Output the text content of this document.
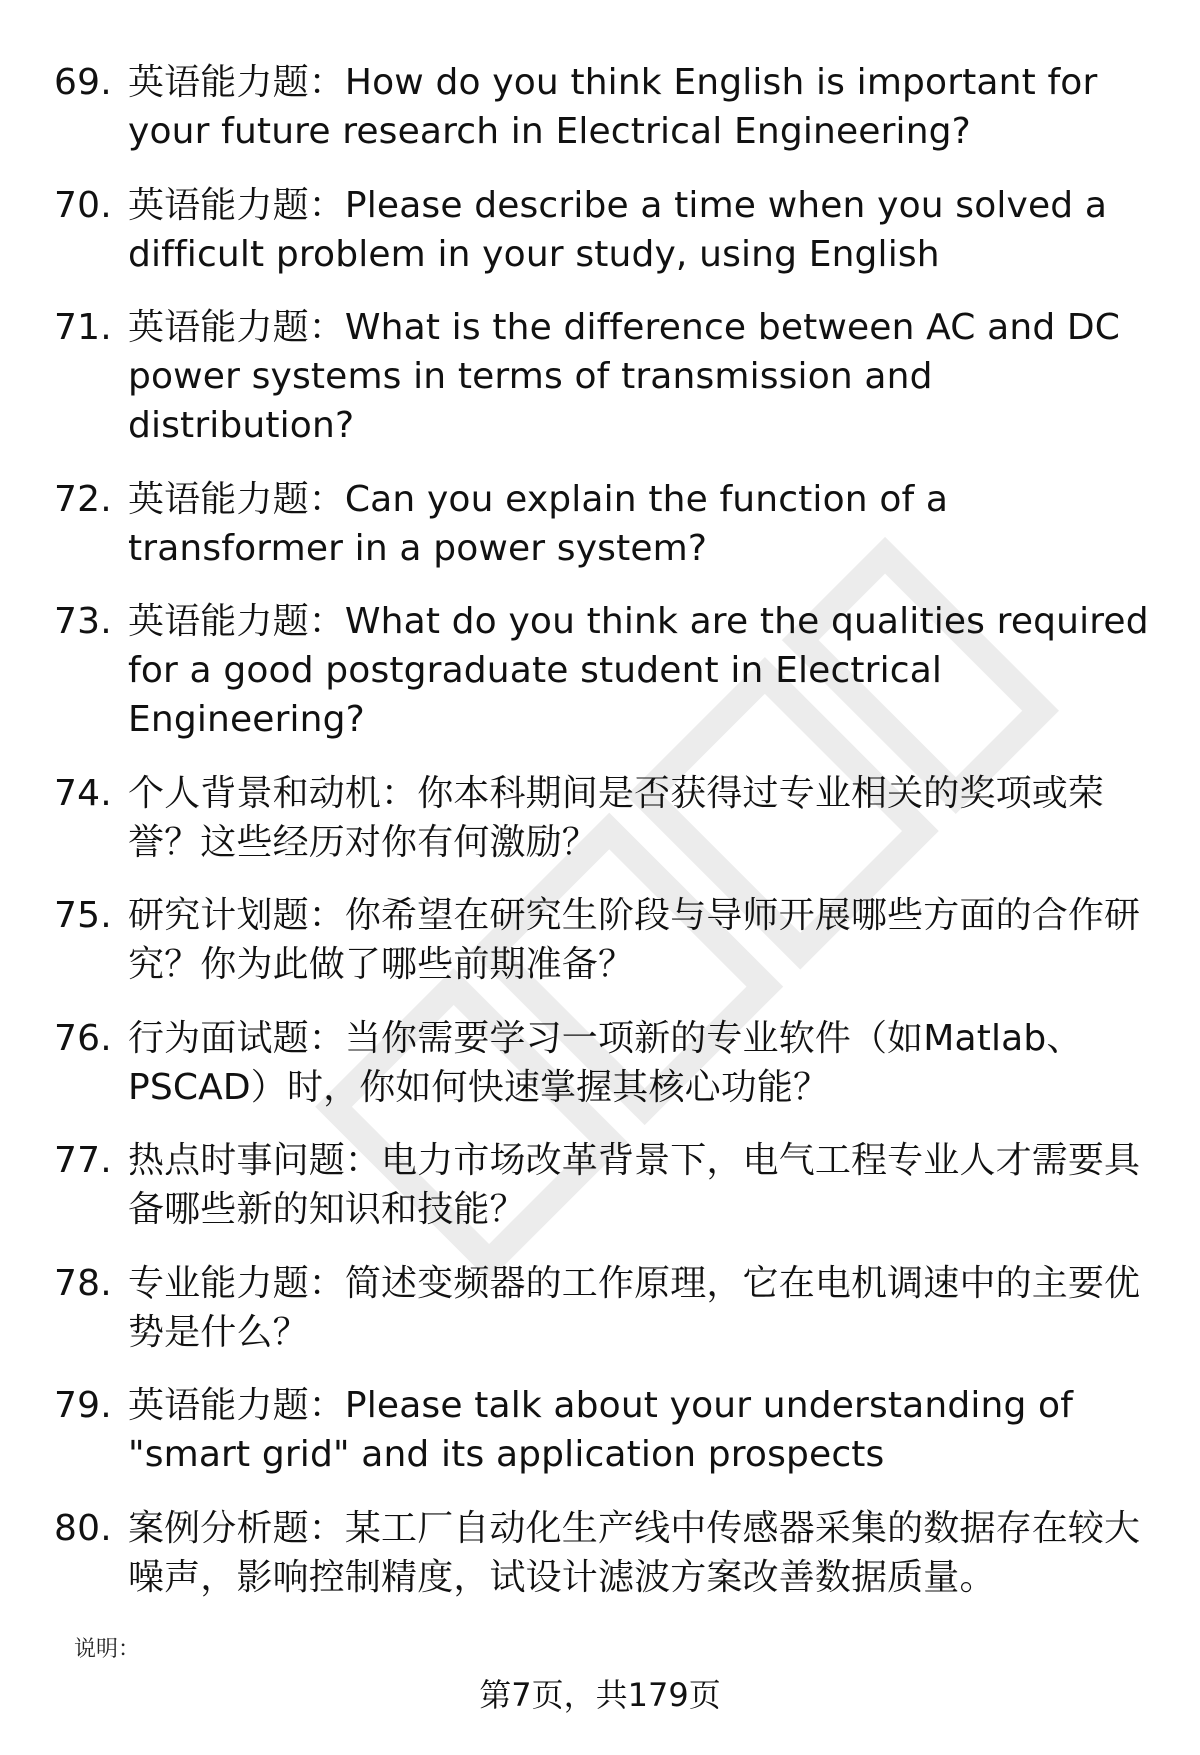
69. 英语能力题：How do you think English is important for your future research in Electrical Engineering?
70. 英语能力题：Please describe a time when you solved a difficult problem in your study, using English
71. 英语能力题：What is the difference between AC and DC power systems in terms of transmission and distribution?
72. 英语能力题：Can you explain the function of a transformer in a power system?
73. 英语能力题：What do you think are the qualities required for a good postgraduate student in Electrical Engineering?
74. 个人背景和动机：你本科期间是否获得过专业相关的奖项或荣誉？这些经历对你有何激励？
75. 研究计划题：你希望在研究生阶段与导师开展哪些方面的合作研究？你为此做了哪些前期准备？
76. 行为面试题：当你需要学习一项新的专业软件（如Matlab、PSCAD）时，你如何快速掌握其核心功能？
77. 热点时事问题：电力市场改革背景下，电气工程专业人才需要具备哪些新的知识和技能？
78. 专业能力题：简述变频器的工作原理，它在电机调速中的主要优势是什么？
79. 英语能力题：Please talk about your understanding of "smart grid" and its application prospects
80. 案例分析题：某工厂自动化生产线中传感器采集的数据存在较大噪声，影响控制精度，试设计滤波方案改善数据质量。
说明：
第7页，共179页
